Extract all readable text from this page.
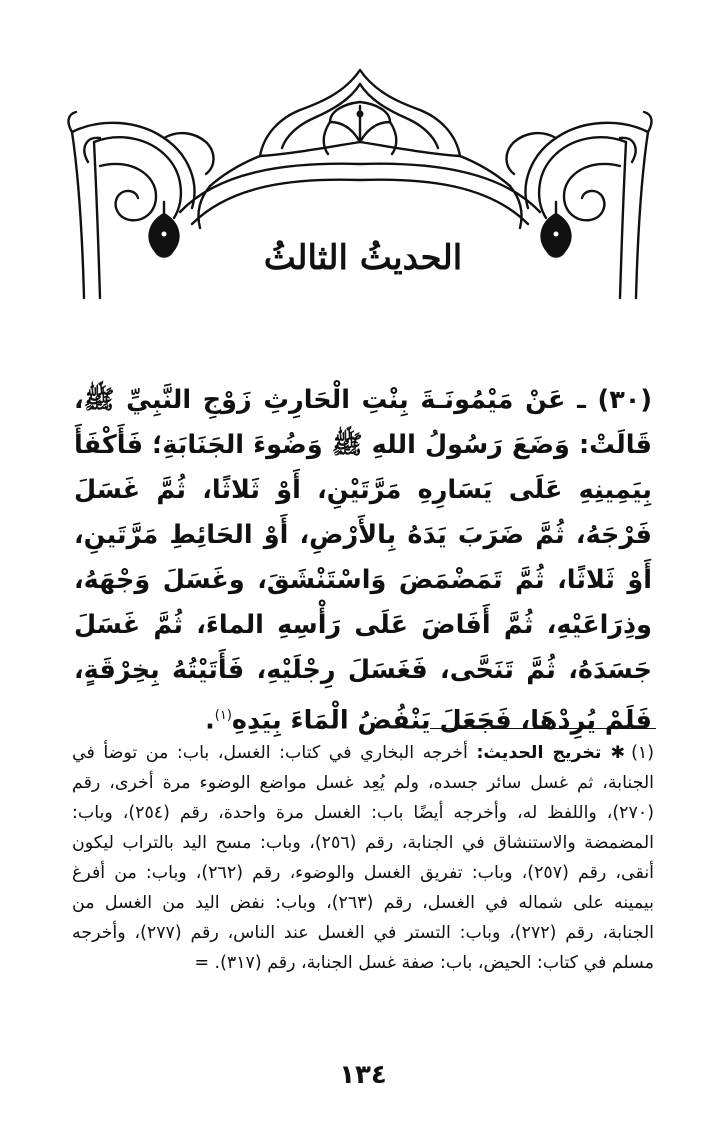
الحديثُ الثالثُ

(٣٠) ـ عَنْ مَيْمُونَـةَ بِنْتِ الْحَارِثِ زَوْجِ النَّبِيِّ ﷺ، قَالَتْ: وَضَعَ رَسُولُ اللهِ ﷺ وَضُوءَ الجَنَابَةِ؛ فَأَكْفَأَ بِيَمِينِهِ عَلَى يَسَارِهِ مَرَّتَيْنِ، أَوْ ثَلاثًا، ثُمَّ غَسَلَ فَرْجَهُ، ثُمَّ ضَرَبَ يَدَهُ بِالأَرْضِ، أَوْ الحَائِطِ مَرَّتَينِ، أَوْ ثَلاثًا، ثُمَّ تَمَضْمَضَ وَاسْتَنْشَقَ، وغَسَلَ وَجْهَهُ، وذِرَاعَيْهِ، ثُمَّ أَفَاضَ عَلَى رَأْسِهِ الماءَ، ثُمَّ غَسَلَ جَسَدَهُ، ثُمَّ تَنَحَّى، فَغَسَلَ رِجْلَيْهِ، فَأَتَيْتُهُ بِخِرْقَةٍ، فَلَمْ يُرِدْهَا، فَجَعَلَ يَنْفُضُ الْمَاءَ بِيَدِهِ$^{(١)}$.

(١)✱ تخريج الحديث: أخرجه البخاري في كتاب: الغسل، باب: من توضأ في الجنابة، ثم غسل سائر جسده، ولم يُعِد غسل مواضع الوضوء مرة أخرى، رقم (٢٧٠)، واللفظ له، وأخرجه أيضًا باب: الغسل مرة واحدة، رقم (٢٥٤)، وباب: المضمضة والاستنشاق في الجنابة، رقم (٢٥٦)، وباب: مسح اليد بالتراب ليكون أنقى، رقم (٢٥٧)، وباب: تفريق الغسل والوضوء، رقم (٢٦٢)، وباب: من أفرغ بيمينه على شماله في الغسل، رقم (٢٦٣)، وباب: نفض اليد من الغسل من الجنابة، رقم (٢٧٢)، وباب: التستر في الغسل عند الناس، رقم (٢٧٧)، وأخرجه مسلم في كتاب: الحيض، باب: صفة غسل الجنابة، رقم (٣١٧). =

١٣٤
